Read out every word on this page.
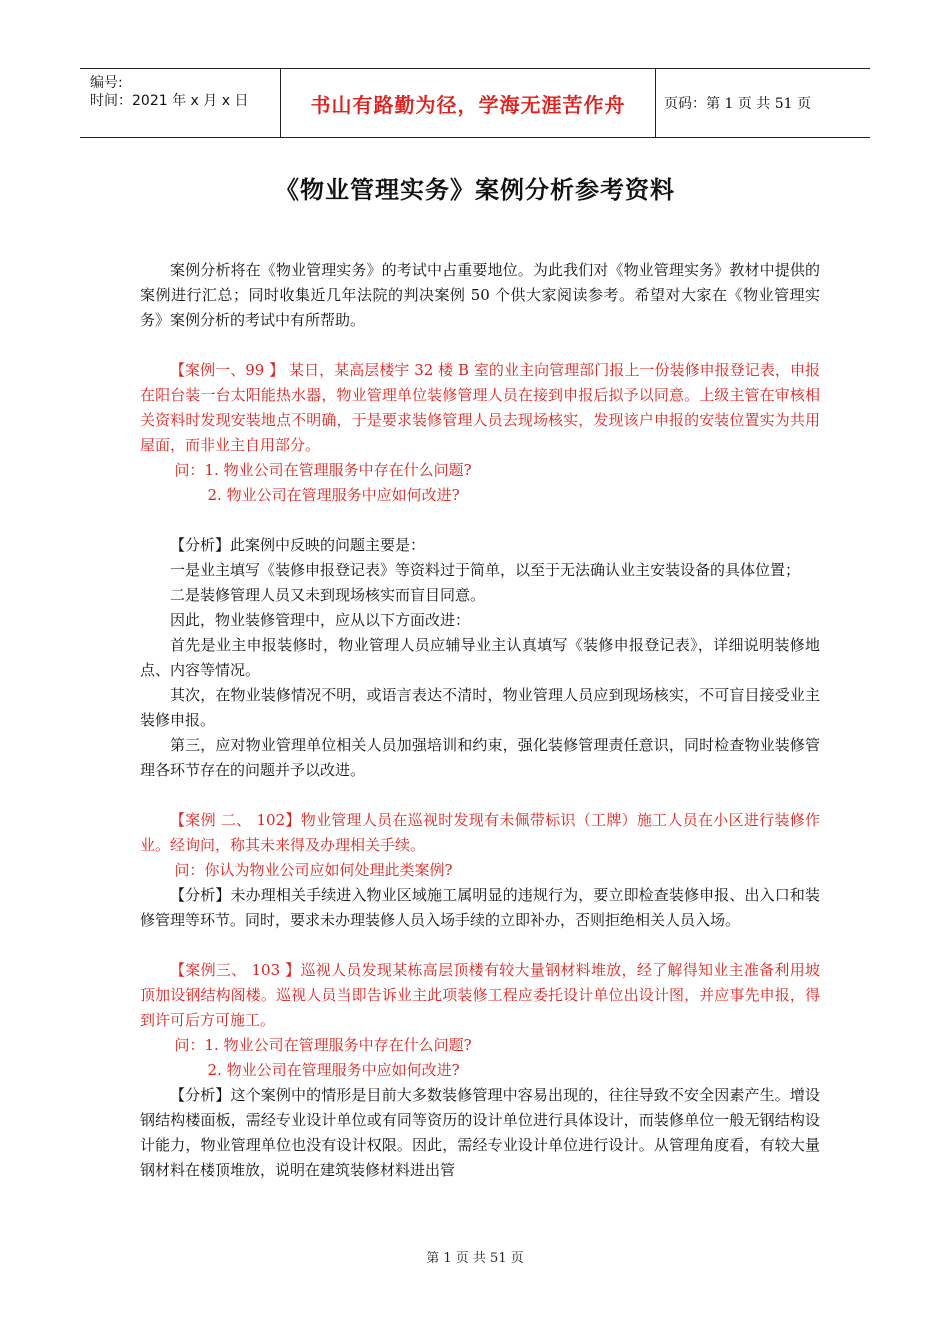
编号:
时间：2021 年 x 月 x 日	书山有路勤为径，学海无涯苦作舟	页码：第 1 页 共 51 页
《物业管理实务》案例分析参考资料

案例分析将在《物业管理实务》的考试中占重要地位。为此我们对《物业管理实务》教材中提供的案例进行汇总；同时收集近几年法院的判决案例 50 个供大家阅读参考。希望对大家在《物业管理实务》案例分析的考试中有所帮助。

【案例一、99 】 某日，某高层楼宇 32 楼 B 室的业主向管理部门报上一份装修申报登记表，申报在阳台装一台太阳能热水器，物业管理单位装修管理人员在接到申报后拟予以同意。上级主管在审核相关资料时发现安装地点不明确，于是要求装修管理人员去现场核实，发现该户申报的安装位置实为共用屋面，而非业主自用部分。

问：1. 物业公司在管理服务中存在什么问题?

2. 物业公司在管理服务中应如何改进?

【分析】此案例中反映的问题主要是：

一是业主填写《装修申报登记表》等资料过于简单，以至于无法确认业主安装设备的具体位置；

二是装修管理人员又未到现场核实而盲目同意。

因此，物业装修管理中，应从以下方面改进：

首先是业主申报装修时，物业管理人员应辅导业主认真填写《装修申报登记表》，详细说明装修地点、内容等情况。

其次，在物业装修情况不明，或语言表达不清时，物业管理人员应到现场核实，不可盲目接受业主装修申报。

第三，应对物业管理单位相关人员加强培训和约束，强化装修管理责任意识，同时检查物业装修管理各环节存在的问题并予以改进。

【案例 二、 102】物业管理人员在巡视时发现有未佩带标识（工牌）施工人员在小区进行装修作业。经询问，称其未来得及办理相关手续。

问：你认为物业公司应如何处理此类案例?

【分析】未办理相关手续进入物业区域施工属明显的违规行为，要立即检查装修申报、出入口和装修管理等环节。同时，要求未办理装修人员入场手续的立即补办，否则拒绝相关人员入场。

【案例三、 103 】巡视人员发现某栋高层顶楼有较大量钢材料堆放，经了解得知业主准备利用坡顶加设钢结构阁楼。巡视人员当即告诉业主此项装修工程应委托设计单位出设计图，并应事先申报，得到许可后方可施工。

问：1. 物业公司在管理服务中存在什么问题?

2. 物业公司在管理服务中应如何改进?

【分析】这个案例中的情形是目前大多数装修管理中容易出现的，往往导致不安全因素产生。增设钢结构楼面板，需经专业设计单位或有同等资历的设计单位进行具体设计，而装修单位一般无钢结构设计能力，物业管理单位也没有设计权限。因此，需经专业设计单位进行设计。从管理角度看，有较大量钢材料在楼顶堆放，说明在建筑装修材料进出管

第 1 页 共 51 页
